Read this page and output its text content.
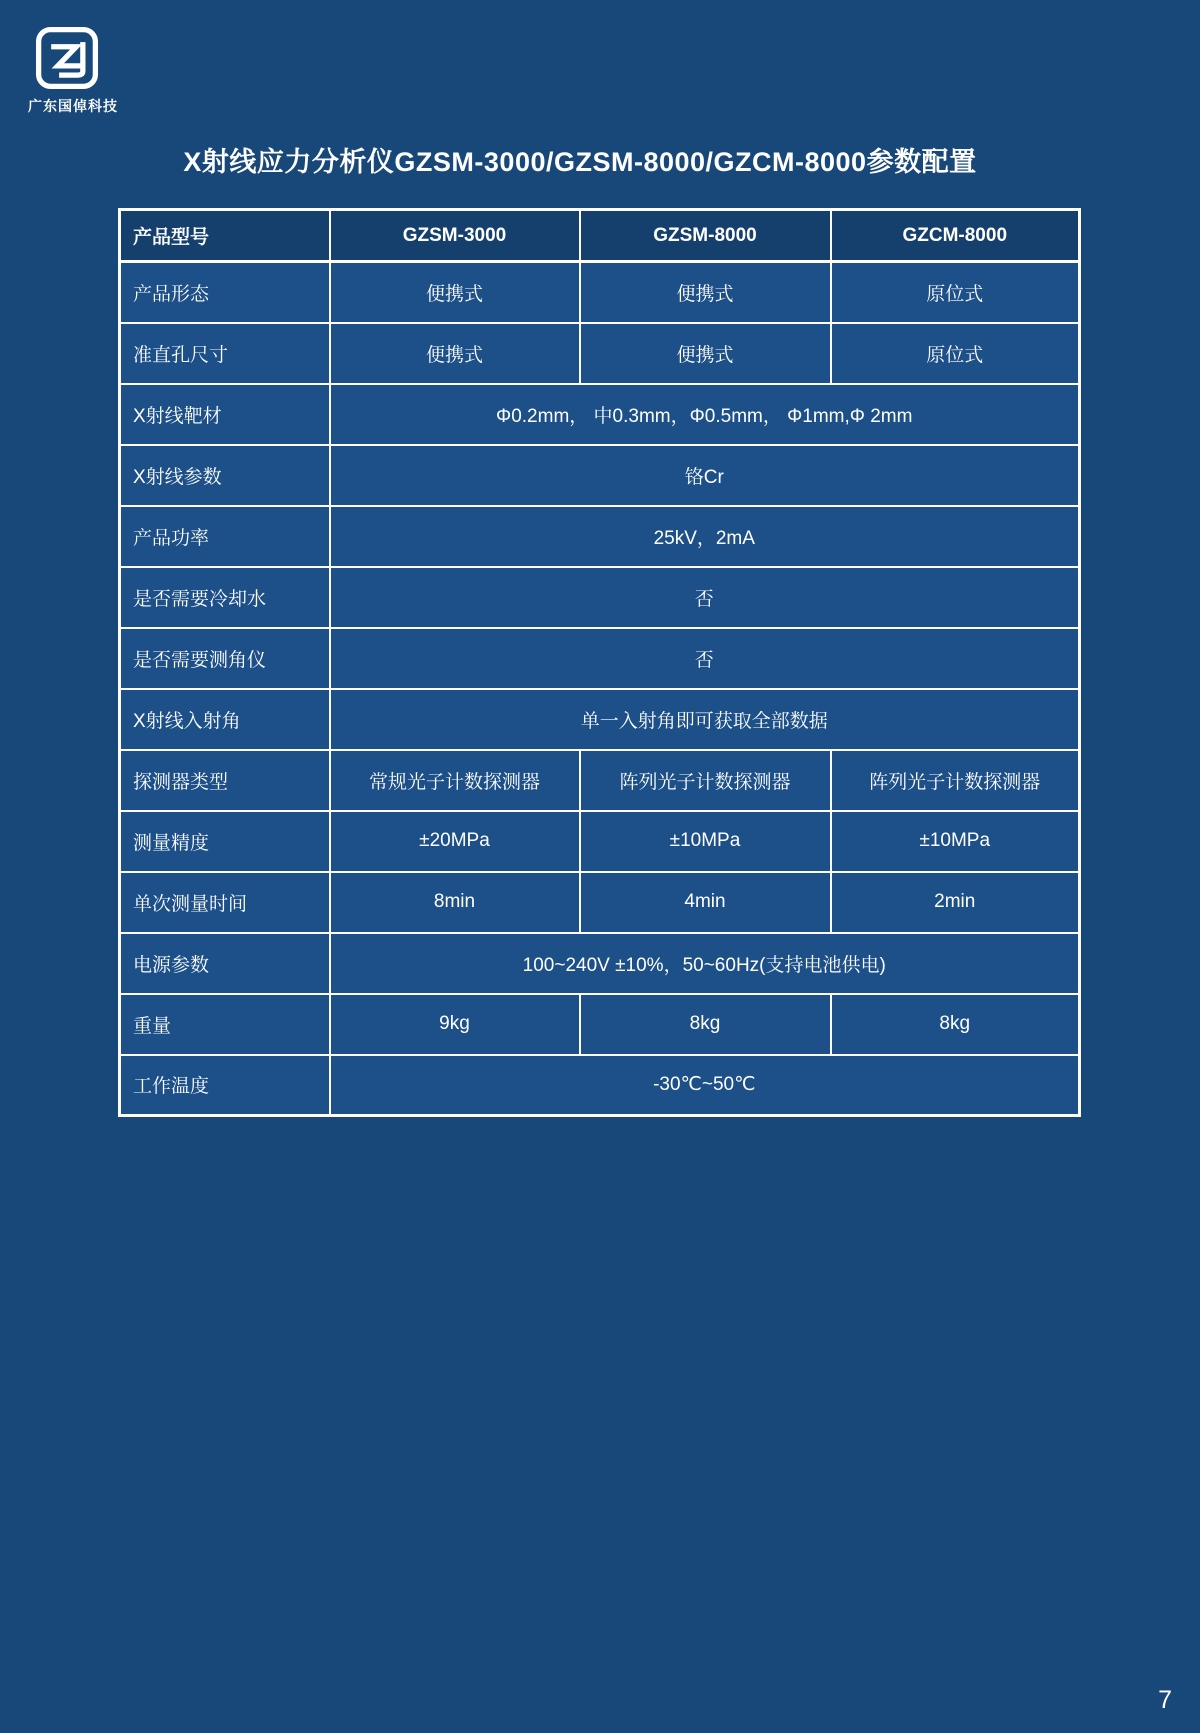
广东国倬科技
X射线应力分析仪GZSM-3000/GZSM-8000/GZCM-8000参数配置
产品型号	GZSM-3000	GZSM-8000	GZCM-8000
产品形态	便携式	便携式	原位式
准直孔尺寸	便携式	便携式	原位式
X射线靶材	Φ0.2mm， 中0.3mm，Φ0.5mm， Φ1mm,Φ 2mm		
X射线参数	铬Cr		
产品功率	25kV，2mA		
是否需要冷却水	否		
是否需要测角仪	否		
X射线入射角	单一入射角即可获取全部数据		
探测器类型	常规光子计数探测器	阵列光子计数探测器	阵列光子计数探测器
测量精度	±20MPa	±10MPa	±10MPa
单次测量时间	8min	4min	2min
电源参数	100~240V ±10%，50~60Hz(支持电池供电)		
重量	9kg	8kg	8kg
工作温度	-30℃~50℃		
7
